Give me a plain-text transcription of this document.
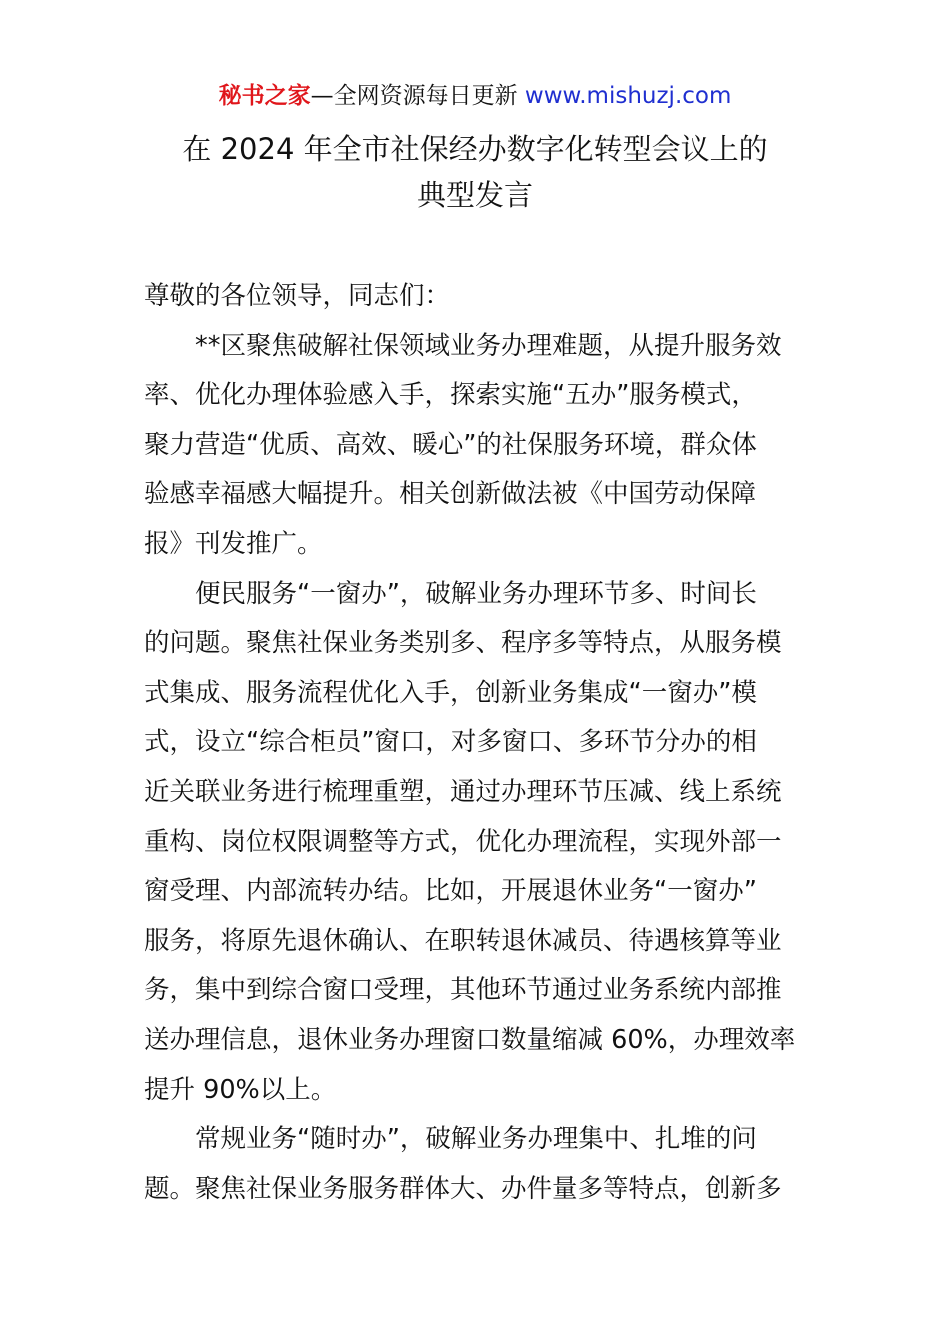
秘书之家—全网资源每日更新 www.mishuzj.com
在 2024 年全市社保经办数字化转型会议上的
典型发言
尊敬的各位领导，同志们：
**区聚焦破解社保领域业务办理难题，从提升服务效
率、优化办理体验感入手，探索实施“五办”服务模式，
聚力营造“优质、高效、暖心”的社保服务环境，群众体
验感幸福感大幅提升。相关创新做法被《中国劳动保障
报》刊发推广。
便民服务“一窗办”，破解业务办理环节多、时间长
的问题。聚焦社保业务类别多、程序多等特点，从服务模
式集成、服务流程优化入手，创新业务集成“一窗办”模
式，设立“综合柜员”窗口，对多窗口、多环节分办的相
近关联业务进行梳理重塑，通过办理环节压减、线上系统
重构、岗位权限调整等方式，优化办理流程，实现外部一
窗受理、内部流转办结。比如，开展退休业务“一窗办”
服务，将原先退休确认、在职转退休减员、待遇核算等业
务，集中到综合窗口受理，其他环节通过业务系统内部推
送办理信息，退休业务办理窗口数量缩减 60%，办理效率
提升 90%以上。
常规业务“随时办”，破解业务办理集中、扎堆的问
题。聚焦社保业务服务群体大、办件量多等特点，创新多
